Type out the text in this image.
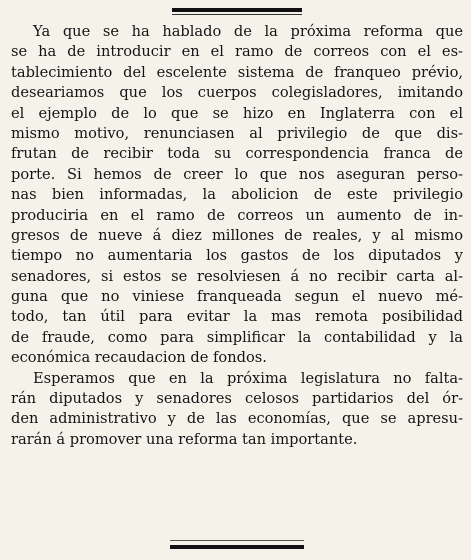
Ya que se ha hablado de la próxima reforma que
se ha de introducir en el ramo de correos con el es-
tablecimiento del escelente sistema de franqueo prévio,
deseariamos que los cuerpos colegisladores, imitando
el ejemplo de lo que se hizo en Inglaterra con el
mismo motivo, renunciasen al privilegio de que dis-
frutan de recibir toda su correspondencia franca de
porte. Si hemos de creer lo que nos aseguran perso-
nas bien informadas, la abolicion de este privilegio
produciria en el ramo de correos un aumento de in-
gresos de nueve á diez millones de reales, y al mismo
tiempo no aumentaria los gastos de los diputados y
senadores, si estos se resolviesen á no recibir carta al-
guna que no viniese franqueada segun el nuevo mé-
todo, tan útil para evitar la mas remota posibilidad
de fraude, como para simplificar la contabilidad y la
económica recaudacion de fondos.
Esperamos que en la próxima legislatura no falta-
rán diputados y senadores celosos partidarios del ór-
den administrativo y de las economías, que se apresu-
rarán á promover una reforma tan importante.
